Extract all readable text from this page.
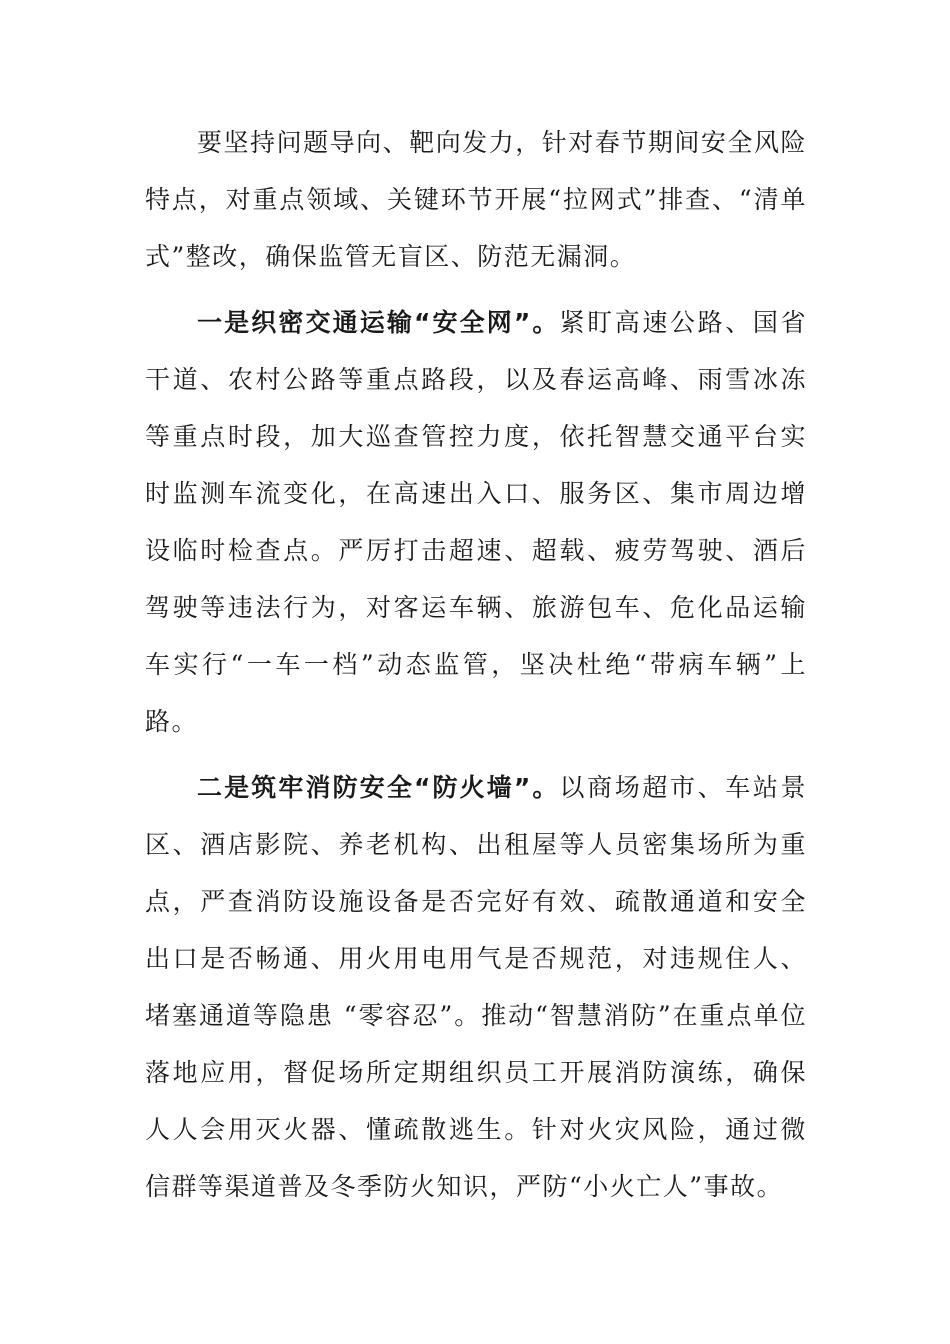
要坚持问题导向、靶向发力，针对春节期间安全风险特点，对重点领域、关键环节开展“拉网式”排查、“清单式”整改，确保监管无盲区、防范无漏洞。

一是织密交通运输“安全网”。紧盯高速公路、国省干道、农村公路等重点路段，以及春运高峰、雨雪冰冻等重点时段，加大巡查管控力度，依托智慧交通平台实时监测车流变化，在高速出入口、服务区、集市周边增设临时检查点。严厉打击超速、超载、疲劳驾驶、酒后驾驶等违法行为，对客运车辆、旅游包车、危化品运输车实行“一车一档”动态监管，坚决杜绝“带病车辆”上路。

二是筑牢消防安全“防火墙”。以商场超市、车站景区、酒店影院、养老机构、出租屋等人员密集场所为重点，严查消防设施设备是否完好有效、疏散通道和安全出口是否畅通、用火用电用气是否规范，对违规住人、堵塞通道等隐患 “零容忍”。推动“智慧消防”在重点单位落地应用，督促场所定期组织员工开展消防演练，确保人人会用灭火器、懂疏散逃生。针对火灾风险，通过微信群等渠道普及冬季防火知识，严防“小火亡人”事故。
